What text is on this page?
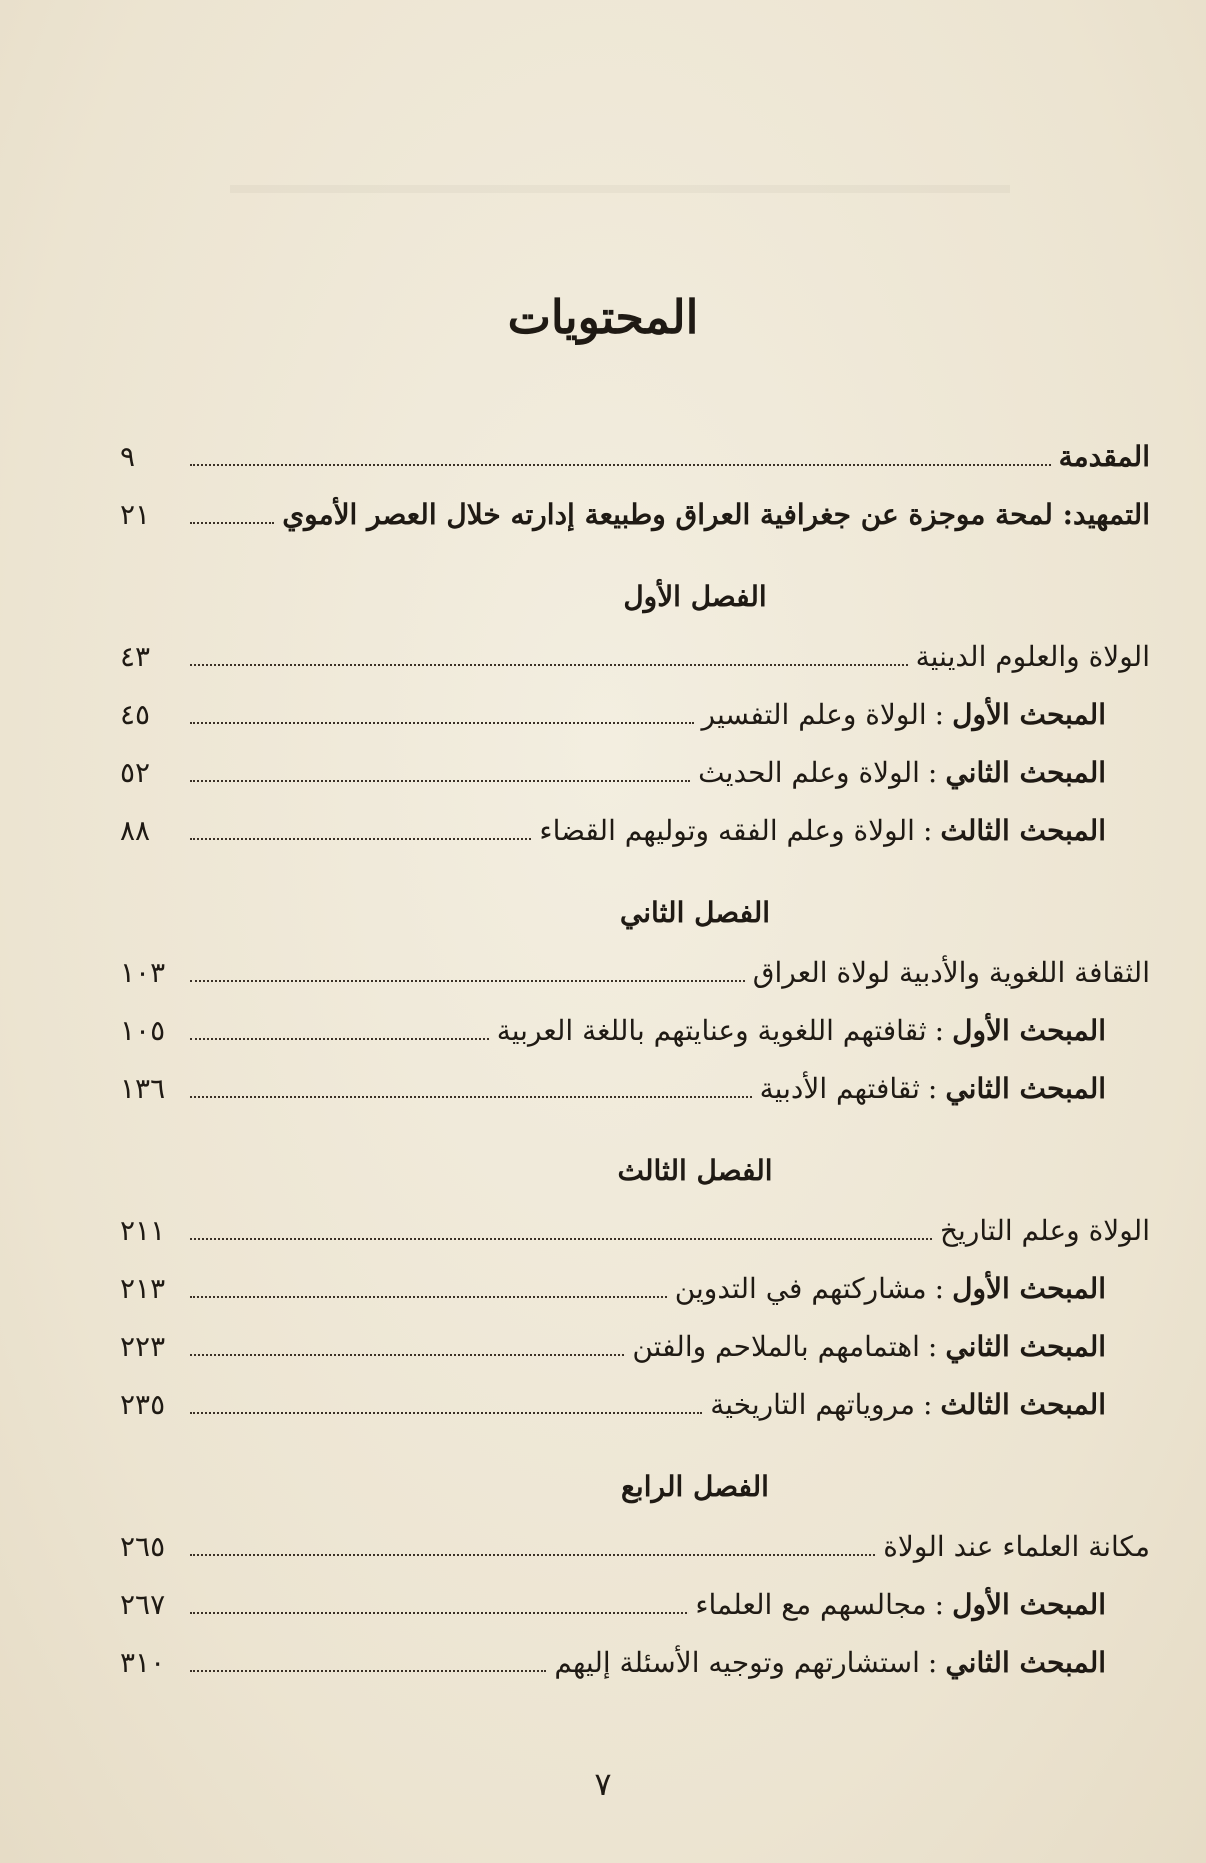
المحتويات
المقدمة
٩
التمهيد: لمحة موجزة عن جغرافية العراق وطبيعة إدارته خلال العصر الأموي
٢١
الفصل الأول
الولاة والعلوم الدينية
٤٣
المبحث الأول:الولاة وعلم التفسير
٤٥
المبحث الثاني:الولاة وعلم الحديث
٥٢
المبحث الثالث:الولاة وعلم الفقه وتوليهم القضاء
٨٨
الفصل الثاني
الثقافة اللغوية والأدبية لولاة العراق
١٠٣
المبحث الأول:ثقافتهم اللغوية وعنايتهم باللغة العربية
١٠٥
المبحث الثاني:ثقافتهم الأدبية
١٣٦
الفصل الثالث
الولاة وعلم التاريخ
٢١١
المبحث الأول:مشاركتهم في التدوين
٢١٣
المبحث الثاني:اهتمامهم بالملاحم والفتن
٢٢٣
المبحث الثالث:مروياتهم التاريخية
٢٣٥
الفصل الرابع
مكانة العلماء عند الولاة
٢٦٥
المبحث الأول:مجالسهم مع العلماء
٢٦٧
المبحث الثاني:استشارتهم وتوجيه الأسئلة إليهم
٣١٠
٧
